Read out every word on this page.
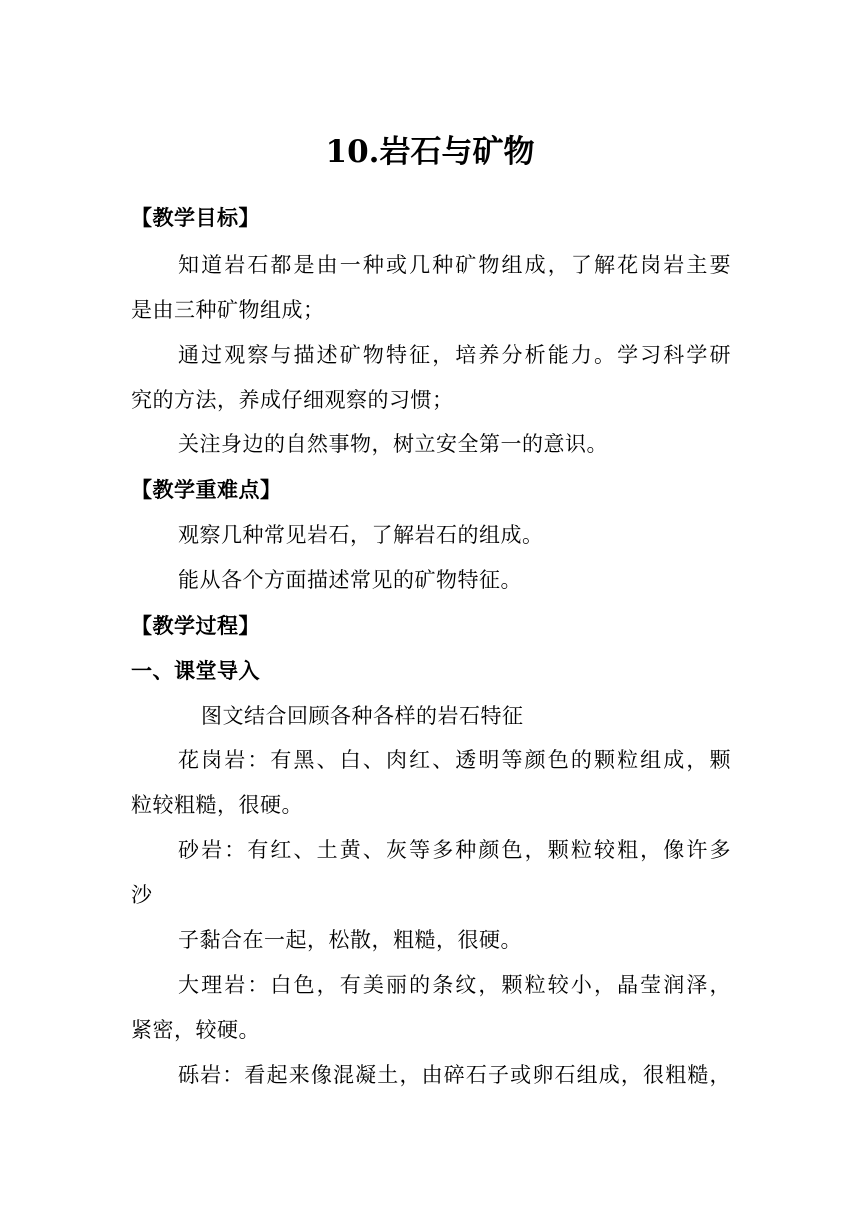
10.岩石与矿物

【教学目标】

知道岩石都是由一种或几种矿物组成，了解花岗岩主要

是由三种矿物组成；

通过观察与描述矿物特征，培养分析能力。学习科学研

究的方法，养成仔细观察的习惯；

关注身边的自然事物，树立安全第一的意识。

【教学重难点】

观察几种常见岩石，了解岩石的组成。

能从各个方面描述常见的矿物特征。

【教学过程】

一、课堂导入

图文结合回顾各种各样的岩石特征

花岗岩：有黑、白、肉红、透明等颜色的颗粒组成，颗

粒较粗糙，很硬。

砂岩：有红、土黄、灰等多种颜色，颗粒较粗，像许多

沙

子黏合在一起，松散，粗糙，很硬。

大理岩：白色，有美丽的条纹，颗粒较小，晶莹润泽，

紧密，较硬。

砾岩：看起来像混凝土，由碎石子或卵石组成，很粗糙，
